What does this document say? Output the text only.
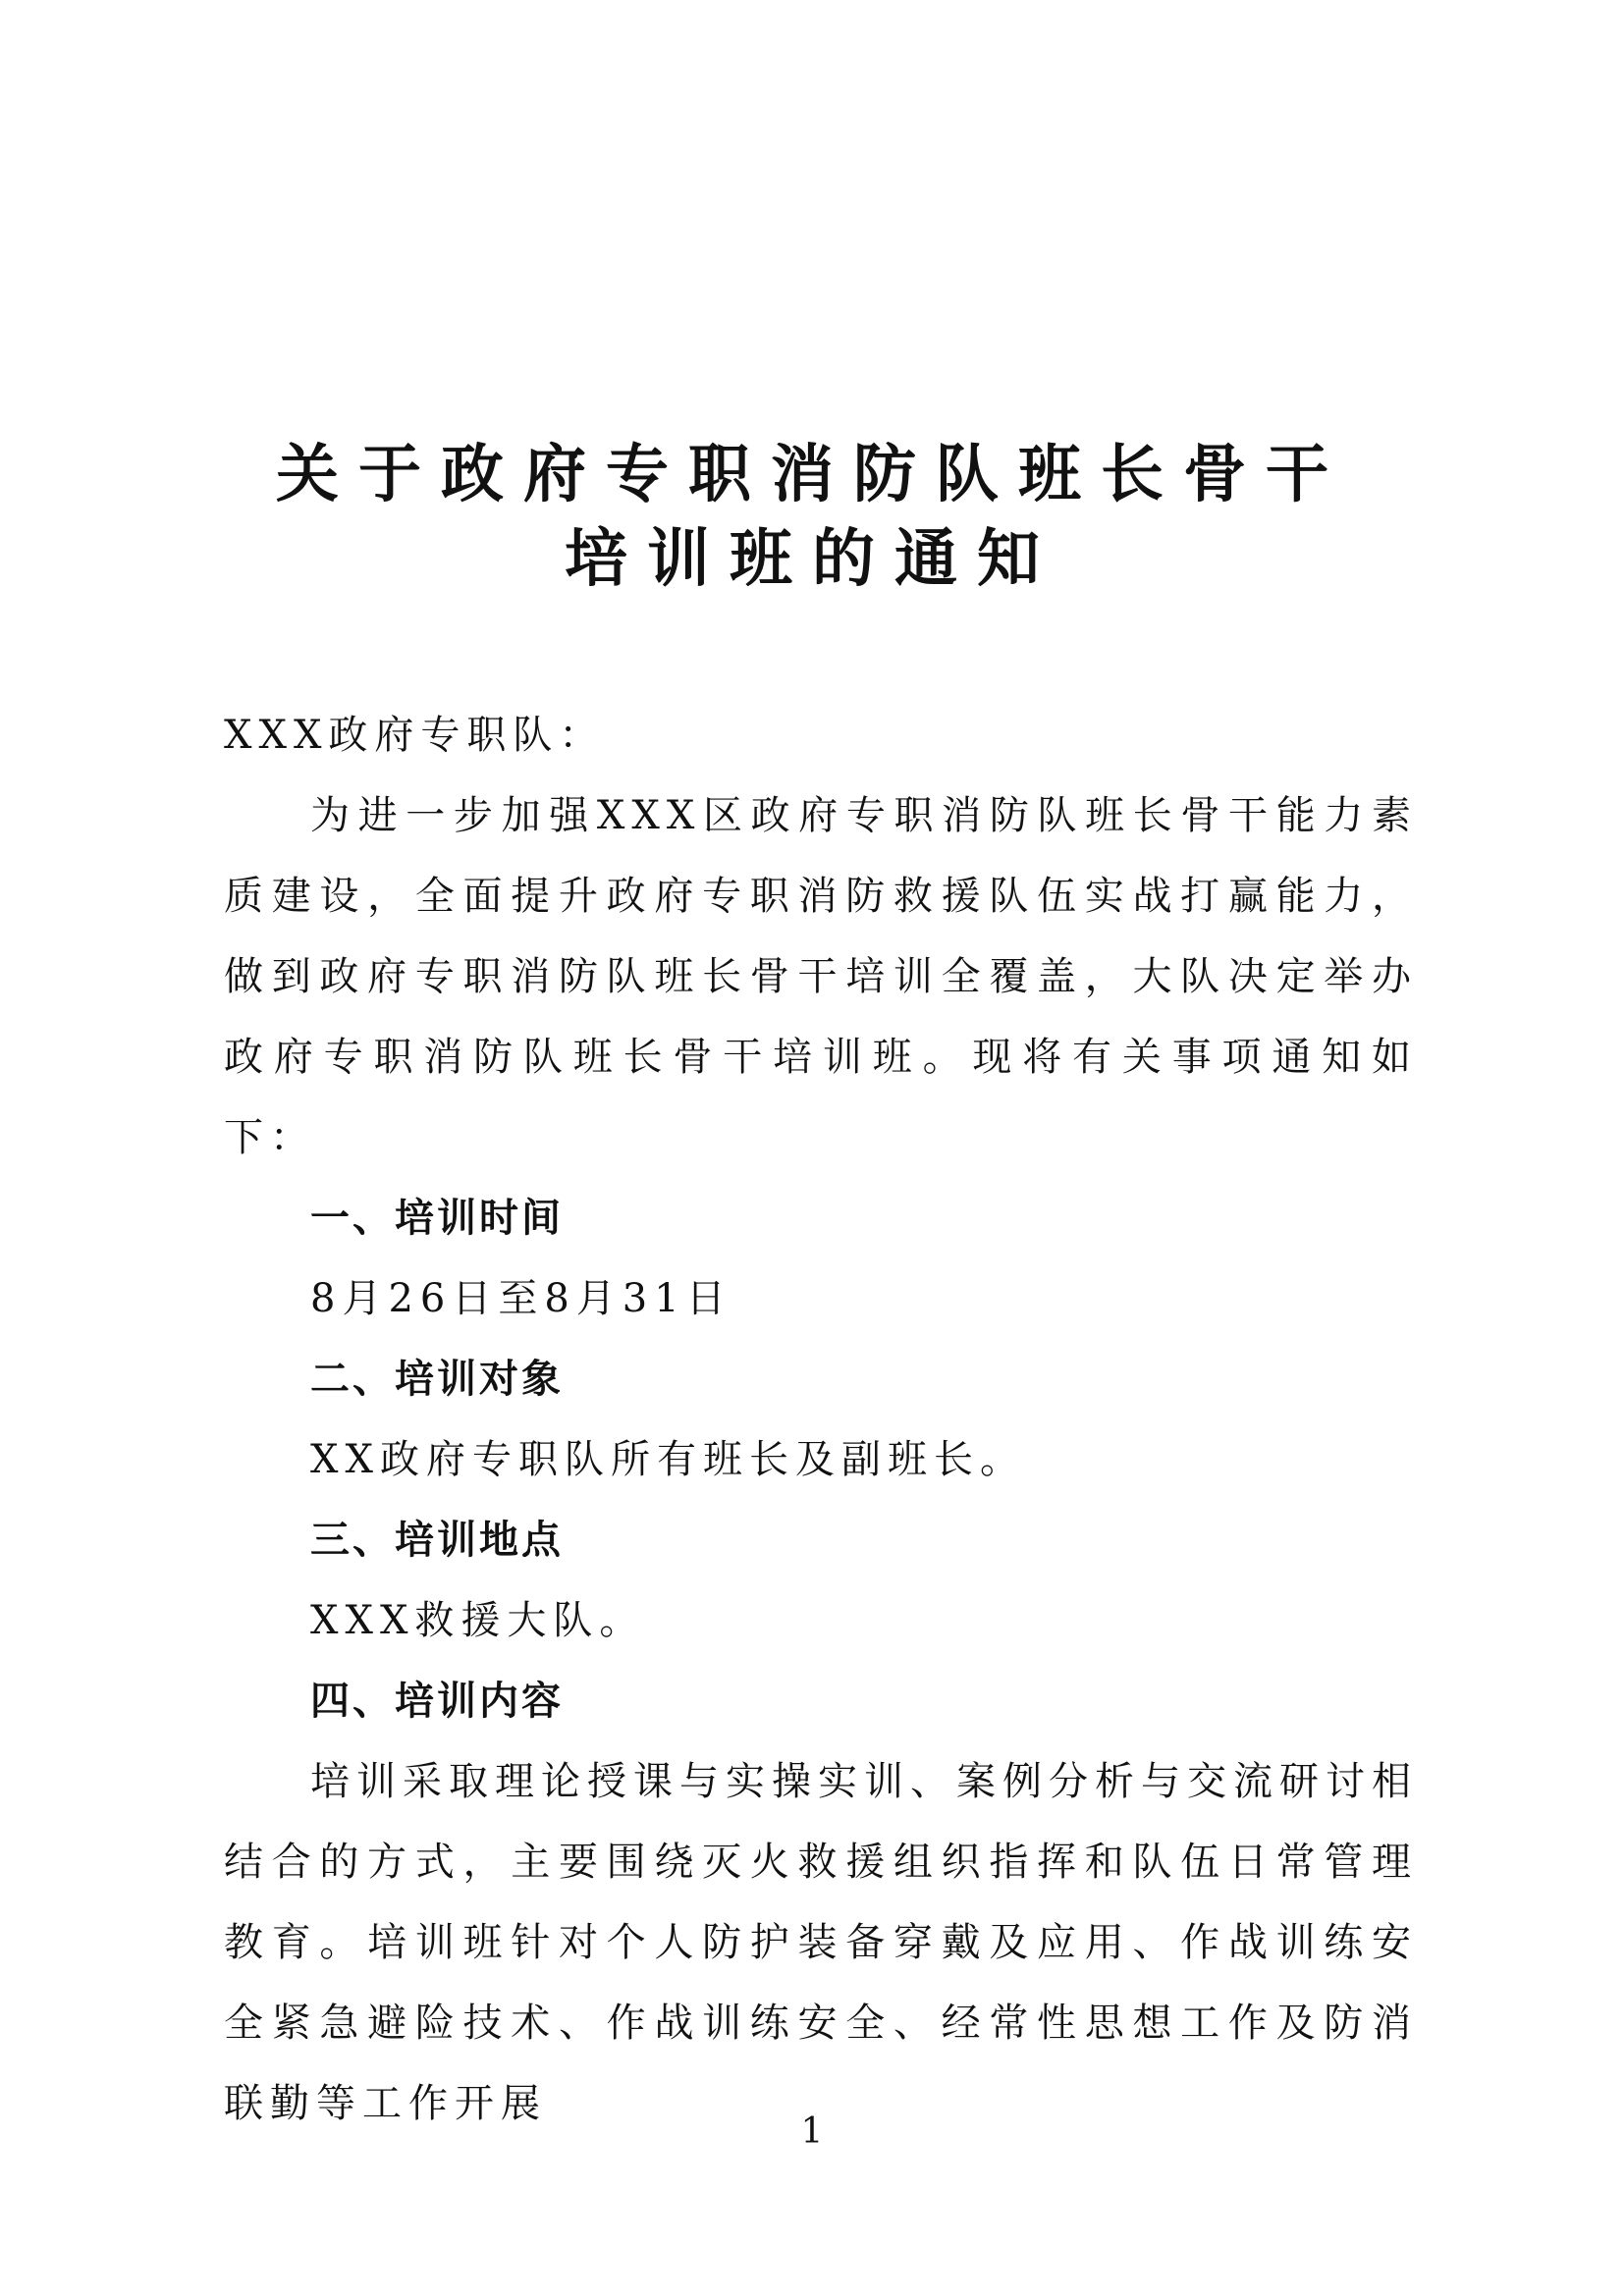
关于政府专职消防队班长骨干
培训班的通知

XXX政府专职队：

为进一步加强XXX区政府专职消防队班长骨干能力素质建设，全面提升政府专职消防救援队伍实战打赢能力，做到政府专职消防队班长骨干培训全覆盖，大队决定举办政府专职消防队班长骨干培训班。现将有关事项通知如下：

一、培训时间

8月26日至8月31日

二、培训对象

XX政府专职队所有班长及副班长。

三、培训地点

XXX救援大队。

四、培训内容

培训采取理论授课与实操实训、案例分析与交流研讨相结合的方式，主要围绕灭火救援组织指挥和队伍日常管理教育。培训班针对个人防护装备穿戴及应用、作战训练安全紧急避险技术、作战训练安全、经常性思想工作及防消联勤等工作开展

1
